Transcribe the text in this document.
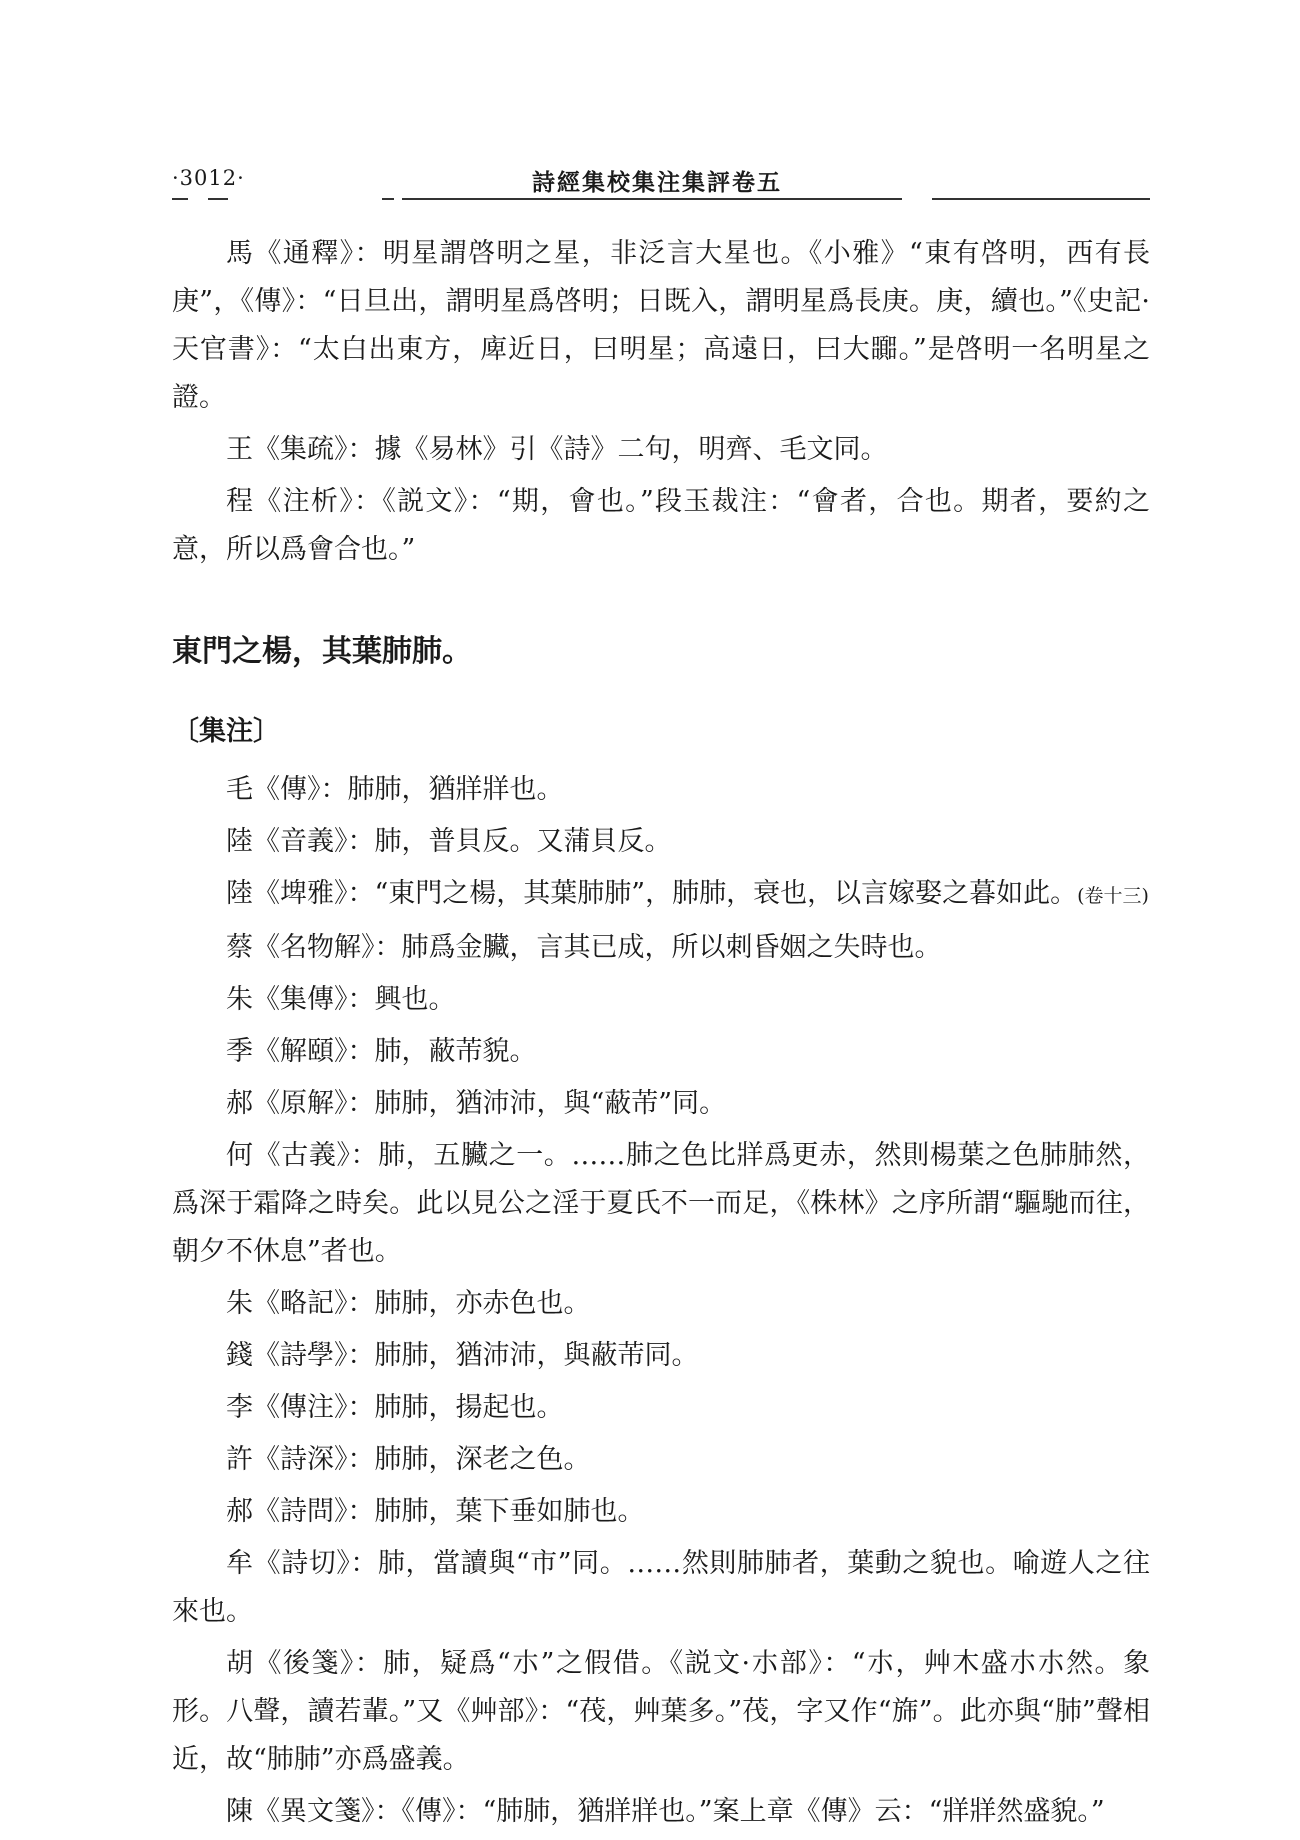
·3012·	詩經集校集注集評卷五

馬《通釋》：明星謂啓明之星，非泛言大星也。《小雅》“東有啓明，西有長庚”，《傳》：“日旦出，謂明星爲啓明；日既入，謂明星爲長庚。庚，續也。”《史記·天官書》：“太白出東方，庳近日，曰明星；高遠日，曰大嚻。”是啓明一名明星之證。

王《集疏》：據《易林》引《詩》二句，明齊、毛文同。

程《注析》：《説文》：“期，會也。”段玉裁注：“會者，合也。期者，要約之意，所以爲會合也。”

東門之楊，其葉肺肺。
〔集注〕

毛《傳》：肺肺，猶牂牂也。

陸《音義》：肺，普貝反。又蒲貝反。

陸《埤雅》：“東門之楊，其葉肺肺”，肺肺，衰也，以言嫁娶之暮如此。(卷十三)

蔡《名物解》：肺爲金臟，言其已成，所以刺昏姻之失時也。

朱《集傳》：興也。

季《解頤》：肺，蔽芾貌。

郝《原解》：肺肺，猶沛沛，與“蔽芾”同。

何《古義》：肺，五臟之一。……肺之色比牂爲更赤，然則楊葉之色肺肺然，爲深于霜降之時矣。此以見公之淫于夏氏不一而足，《株林》之序所謂“驅馳而往，朝夕不休息”者也。

朱《略記》：肺肺，亦赤色也。

錢《詩學》：肺肺，猶沛沛，與蔽芾同。

李《傳注》：肺肺，揚起也。

許《詩深》：肺肺，深老之色。

郝《詩問》：肺肺，葉下垂如肺也。

牟《詩切》：肺，當讀與“市”同。……然則肺肺者，葉動之貌也。喻遊人之往來也。

胡《後箋》：肺，疑爲“朩”之假借。《説文·朩部》：“朩，艸木盛朩朩然。象形。八聲，讀若輩。”又《艸部》：“茷，艸葉多。”茷，字又作“旆”。此亦與“肺”聲相近，故“肺肺”亦爲盛義。

陳《異文箋》：《傳》：“肺肺，猶牂牂也。”案上章《傳》云：“牂牂然盛貌。”
